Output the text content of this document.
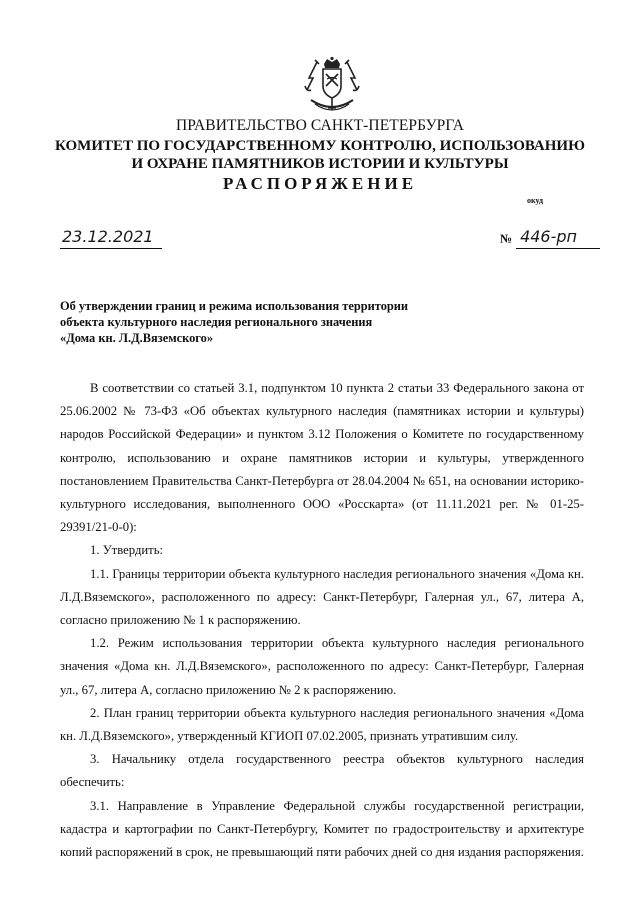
ПРАВИТЕЛЬСТВО САНКТ-ПЕТЕРБУРГА
КОМИТЕТ ПО ГОСУДАРСТВЕННОМУ КОНТРОЛЮ, ИСПОЛЬЗОВАНИЮ
И ОХРАНЕ ПАМЯТНИКОВ ИСТОРИИ И КУЛЬТУРЫ
РАСПОРЯЖЕНИЕ
окуд
23.12.2021	№ 446-рп
Об утверждении границ и режима использования территории
объекта культурного наследия регионального значения
«Дома кн. Л.Д.Вяземского»

В соответствии со статьей 3.1, подпунктом 10 пункта 2 статьи 33 Федерального закона от 25.06.2002 № 73-ФЗ «Об объектах культурного наследия (памятниках истории и культуры) народов Российской Федерации» и пунктом 3.12 Положения о Комитете по государственному контролю, использованию и охране памятников истории и культуры, утвержденного постановлением Правительства Санкт-Петербурга от 28.04.2004 № 651, на основании историко-культурного исследования, выполненного ООО «Росскарта» (от 11.11.2021 рег. № 01-25-29391/21-0-0):

1. Утвердить:

1.1. Границы территории объекта культурного наследия регионального значения «Дома кн. Л.Д.Вяземского», расположенного по адресу: Санкт-Петербург, Галерная ул., 67, литера А, согласно приложению № 1 к распоряжению.

1.2. Режим использования территории объекта культурного наследия регионального значения «Дома кн. Л.Д.Вяземского», расположенного по адресу: Санкт-Петербург, Галерная ул., 67, литера А, согласно приложению № 2 к распоряжению.

2. План границ территории объекта культурного наследия регионального значения «Дома кн. Л.Д.Вяземского», утвержденный КГИОП 07.02.2005, признать утратившим силу.

3. Начальнику отдела государственного реестра объектов культурного наследия обеспечить:

3.1. Направление в Управление Федеральной службы государственной регистрации, кадастра и картографии по Санкт-Петербургу, Комитет по градостроительству и архитектуре копий распоряжений в срок, не превышающий пяти рабочих дней со дня издания распоряжения.
